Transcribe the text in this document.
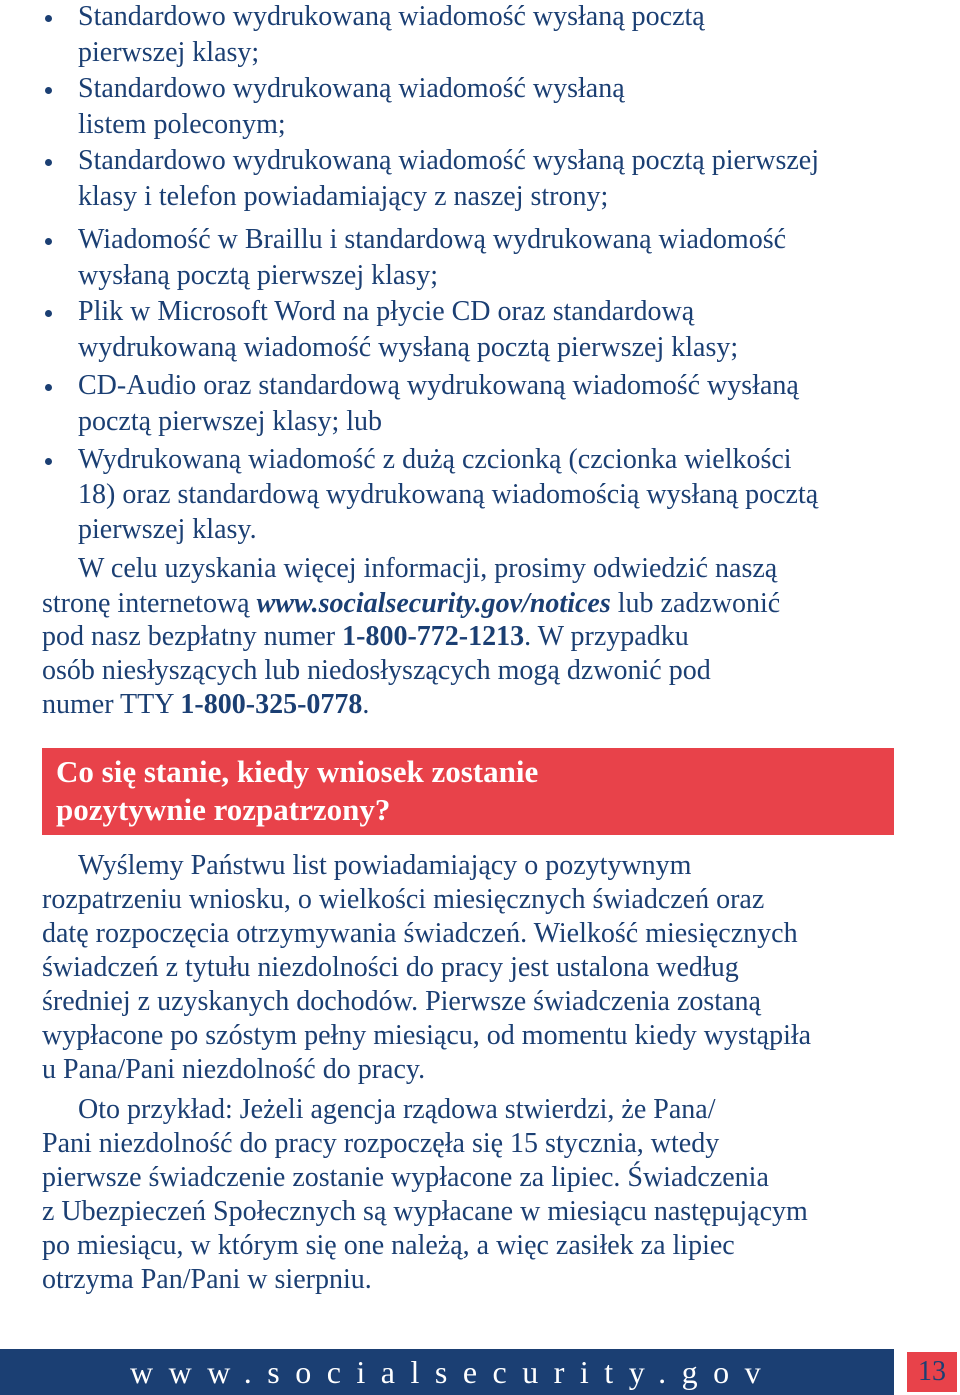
Standardowo wydrukowaną wiadomość wysłaną pocztą
pierwszej klasy;
Standardowo wydrukowaną wiadomość wysłaną
listem poleconym;
Standardowo wydrukowaną wiadomość wysłaną pocztą pierwszej
klasy i telefon powiadamiający z naszej strony;
Wiadomość w Braillu i standardową wydrukowaną wiadomość
wysłaną pocztą pierwszej klasy;
Plik w Microsoft Word na płycie CD oraz standardową
wydrukowaną wiadomość wysłaną pocztą pierwszej klasy;
CD-Audio oraz standardową wydrukowaną wiadomość wysłaną
pocztą pierwszej klasy; lub
Wydrukowaną wiadomość z dużą czcionką (czcionka wielkości
18) oraz standardową wydrukowaną wiadomością wysłaną pocztą
pierwszej klasy.
W celu uzyskania więcej informacji, prosimy odwiedzić naszą
stronę internetową www.socialsecurity.gov/notices lub zadzwonić
pod nasz bezpłatny numer 1-800-772-1213. W przypadku
osób niesłyszących lub niedosłyszących mogą dzwonić pod
numer TTY 1-800-325-0778.
Co się stanie, kiedy wniosek zostanie
pozytywnie rozpatrzony?
Wyślemy Państwu list powiadamiający o pozytywnym
rozpatrzeniu wniosku, o wielkości miesięcznych świadczeń oraz
datę rozpoczęcia otrzymywania świadczeń. Wielkość miesięcznych
świadczeń z tytułu niezdolności do pracy jest ustalona według
średniej z uzyskanych dochodów. Pierwsze świadczenia zostaną
wypłacone po szóstym pełny miesiącu, od momentu kiedy wystąpiła
u Pana/Pani niezdolność do pracy.
Oto przykład: Jeżeli agencja rządowa stwierdzi, że Pana/
Pani niezdolność do pracy rozpoczęła się 15 stycznia, wtedy
pierwsze świadczenie zostanie wypłacone za lipiec. Świadczenia
z Ubezpieczeń Społecznych są wypłacane w miesiącu następującym
po miesiącu, w którym się one należą, a więc zasiłek za lipiec
otrzyma Pan/Pani w sierpniu.
www.socialsecurity.gov	13
